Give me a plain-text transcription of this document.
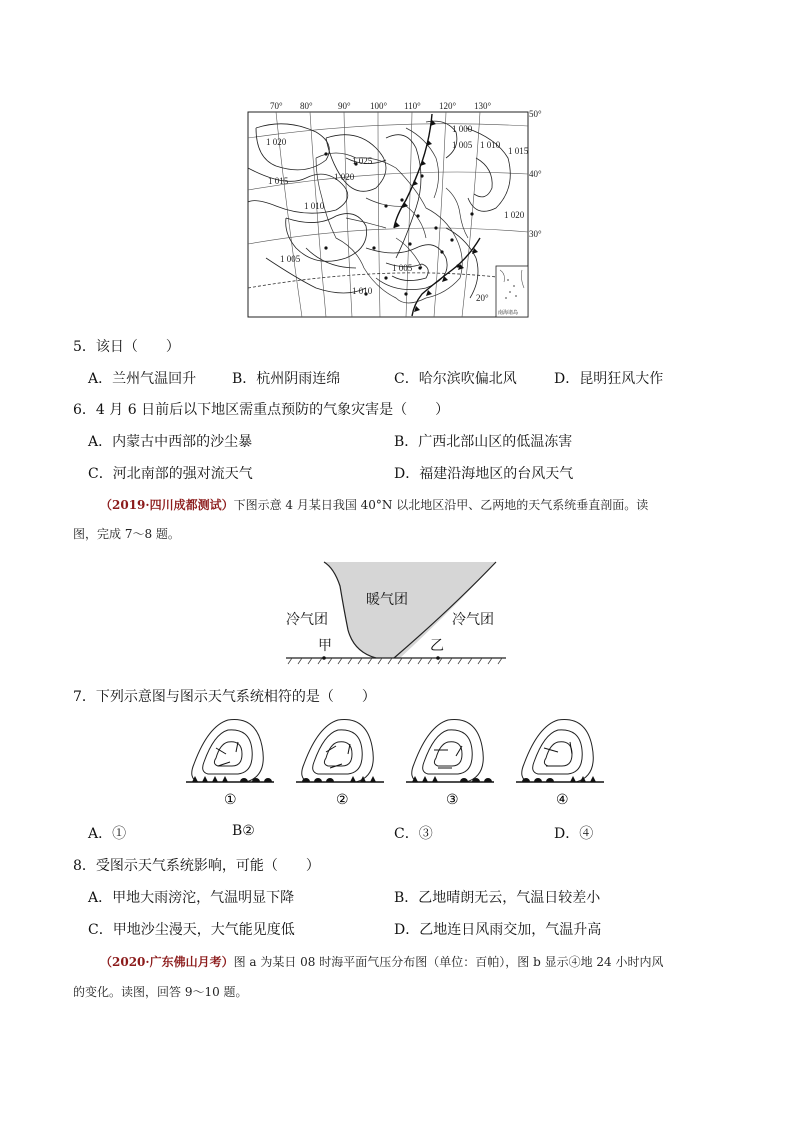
70° 80°	90° 100° 110° 120° 130°
50°
40°
30°
20°
1 020
1 015
1 010
1 005
1 025
1 020
1 000
1 005 1 010
1 015
1 020
1 005
1 010
南海诸岛
5．该日（　　）
A．兰州气温回升	B．杭州阴雨连绵	C．哈尔滨吹偏北风	D．昆明狂风大作
6．4 月 6 日前后以下地区需重点预防的气象灾害是（　　）
A．内蒙古中西部的沙尘暴	B．广西北部山区的低温冻害
C．河北南部的强对流天气	D．福建沿海地区的台风天气
（2019·四川成都测试）下图示意 4 月某日我国 40°N 以北地区沿甲、乙两地的天气系统垂直剖面。读
图，完成 7～8 题。
暖气团
冷气团	冷气团
甲	乙
7．下列示意图与图示天气系统相符的是（　　）
①	②	③	④
A．①	B②	C．③	D．④
8．受图示天气系统影响，可能（　　）
A．甲地大雨滂沱，气温明显下降	B．乙地晴朗无云，气温日较差小
C．甲地沙尘漫天，大气能见度低	D．乙地连日风雨交加，气温升高
（2020·广东佛山月考）图 a 为某日 08 时海平面气压分布图（单位：百帕），图 b 显示④地 24 小时内风
的变化。读图，回答 9～10 题。
